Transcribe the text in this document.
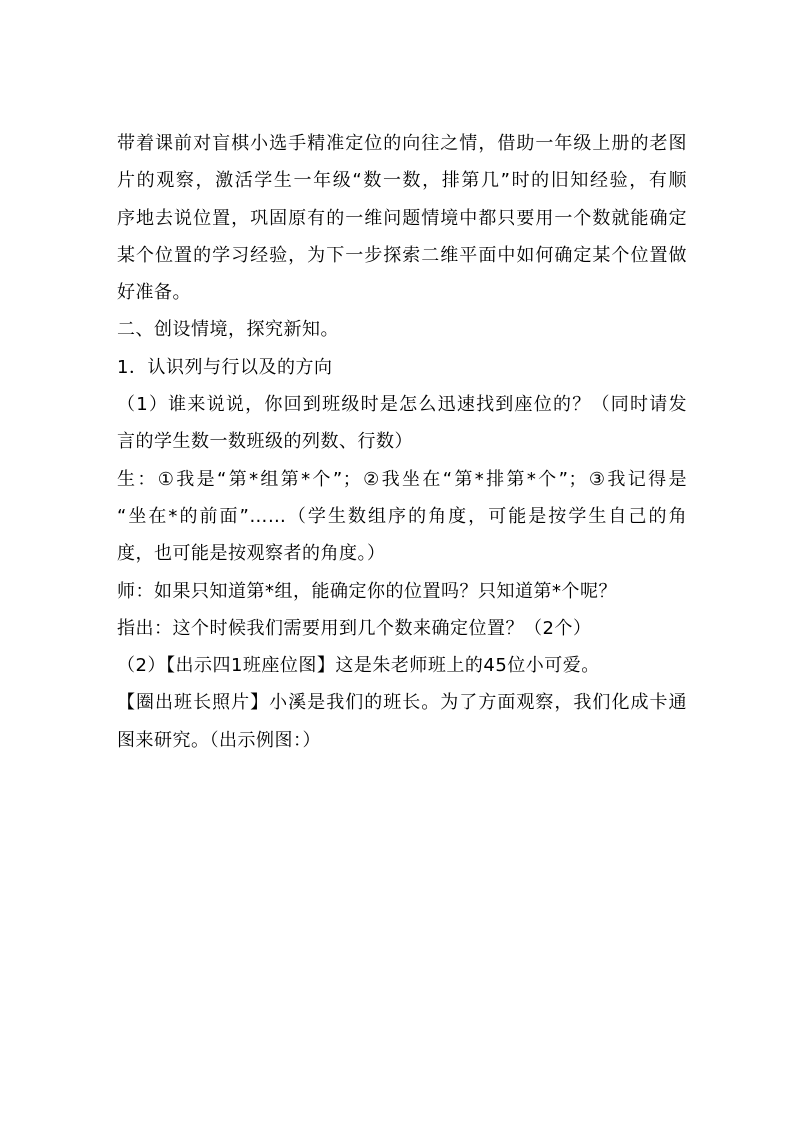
带着课前对盲棋小选手精准定位的向往之情，借助一年级上册的老图
片的观察，激活学生一年级“数一数，排第几”时的旧知经验，有顺
序地去说位置，巩固原有的一维问题情境中都只要用一个数就能确定
某个位置的学习经验，为下一步探索二维平面中如何确定某个位置做
好准备。
二、创设情境，探究新知。
1．认识列与行以及的方向
（1）谁来说说，你回到班级时是怎么迅速找到座位的？（同时请发
言的学生数一数班级的列数、行数）
生：①我是“第*组第*个”；②我坐在“第*排第*个”；③我记得是
“坐在*的前面”……（学生数组序的角度，可能是按学生自己的角
度，也可能是按观察者的角度。）
师：如果只知道第*组，能确定你的位置吗？只知道第*个呢？
指出：这个时候我们需要用到几个数来确定位置？（2个）
（2）【出示四1班座位图】这是朱老师班上的45位小可爱。
【圈出班长照片】小溪是我们的班长。为了方面观察，我们化成卡通
图来研究。（出示例图：）
